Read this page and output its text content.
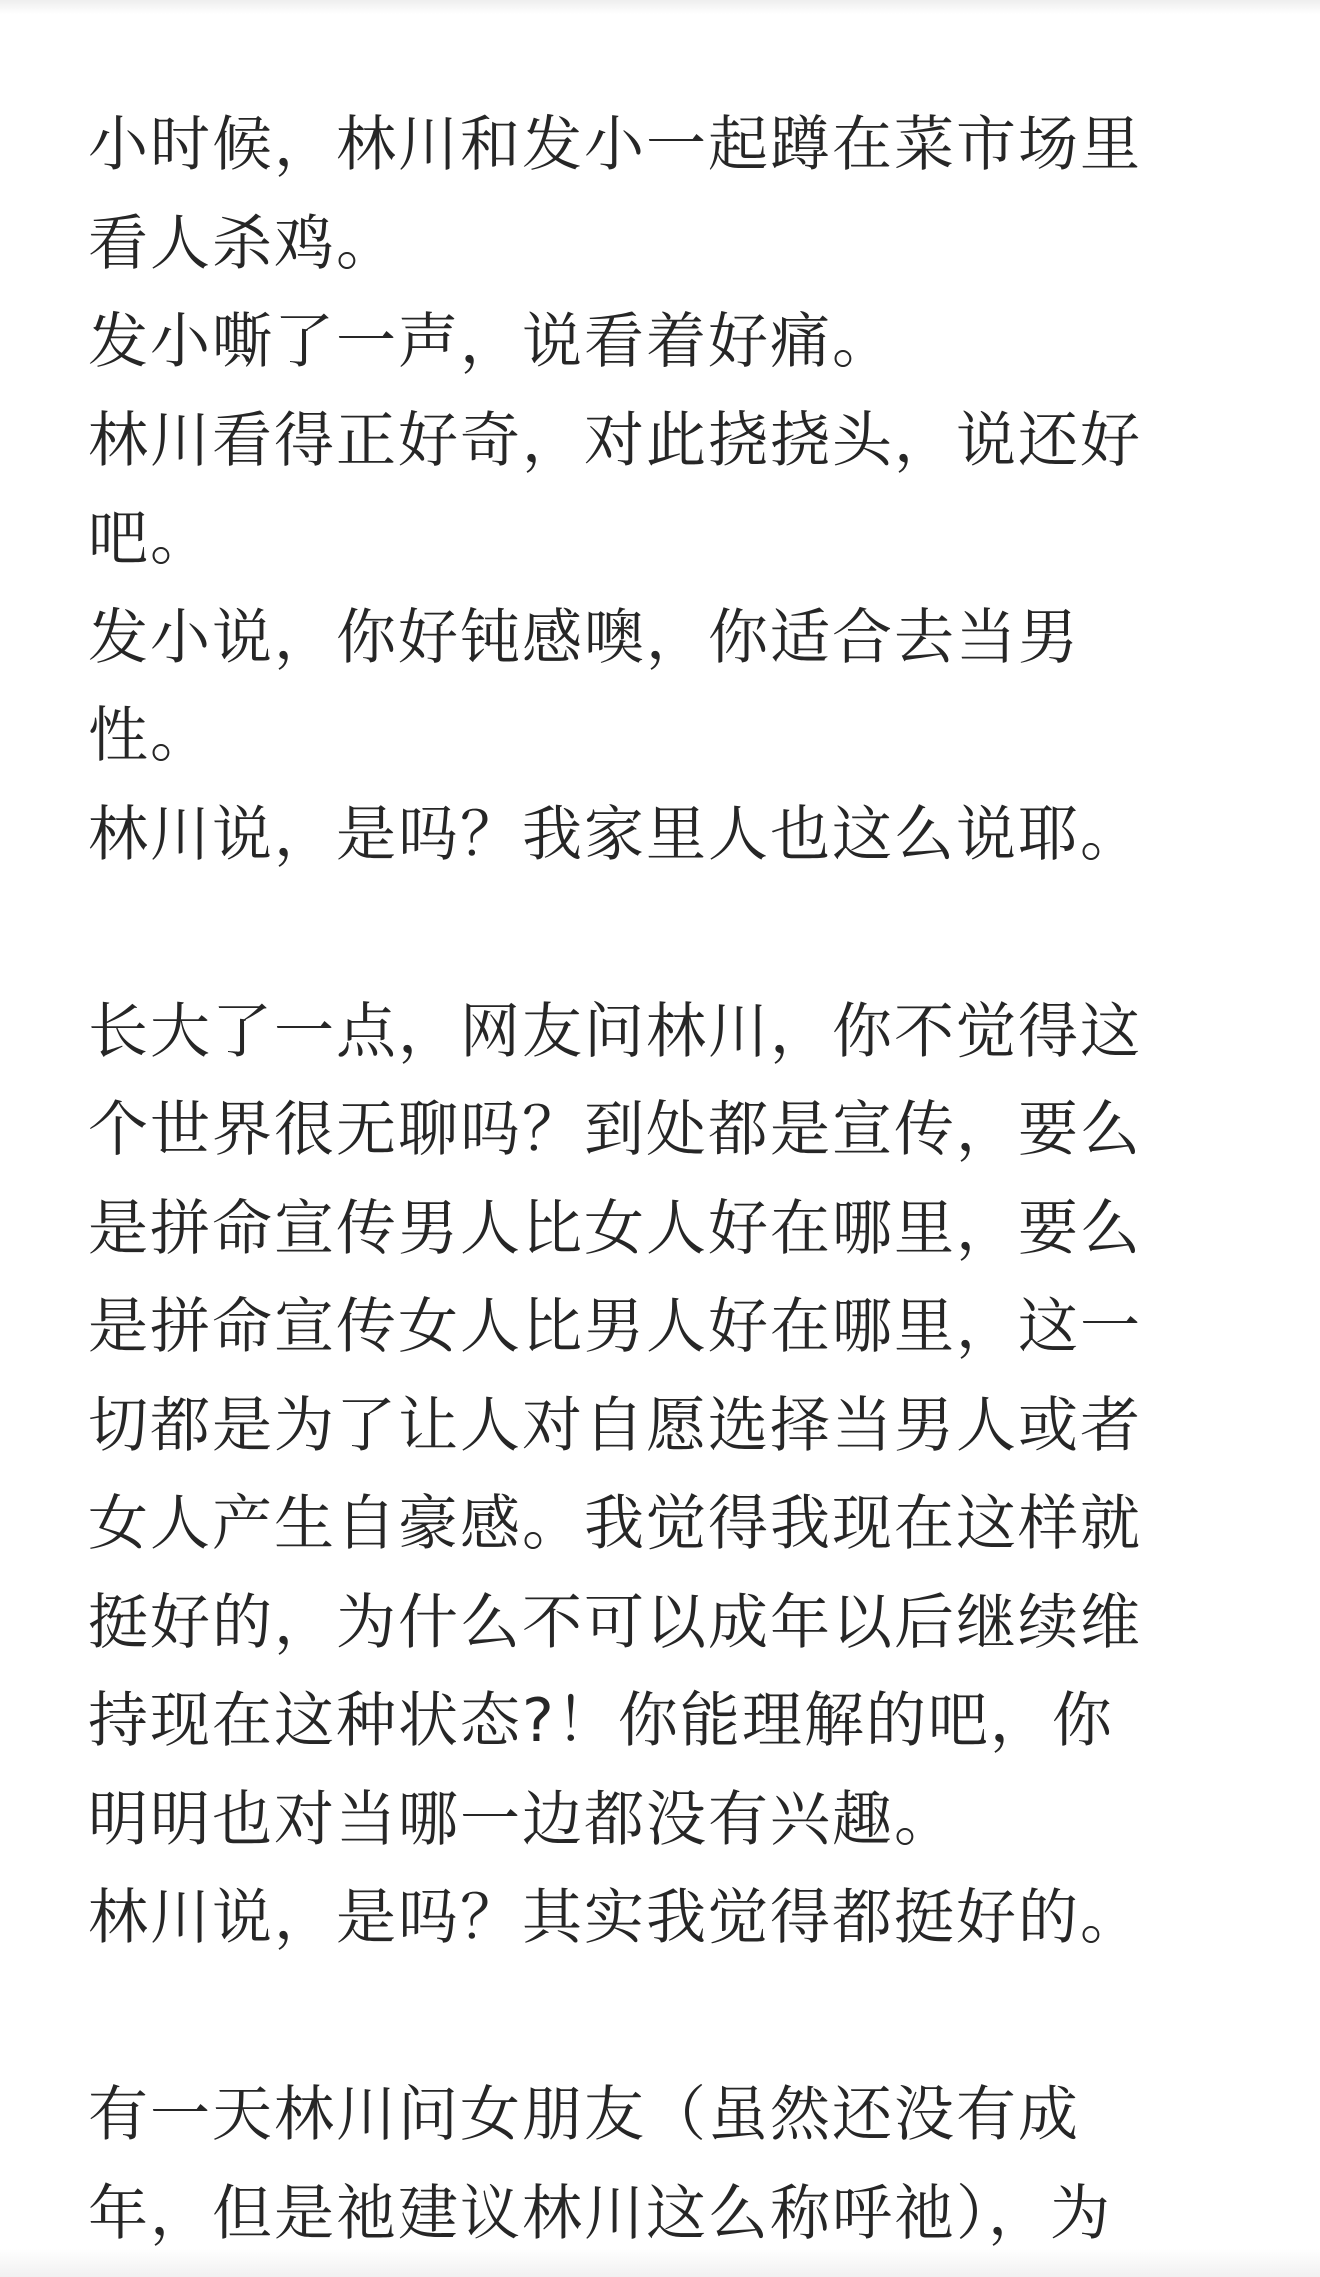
小时候，林川和发小一起蹲在菜市场里
看人杀鸡。
发小嘶了一声，说看着好痛。
林川看得正好奇，对此挠挠头，说还好
吧。
发小说，你好钝感噢，你适合去当男
性。
林川说，是吗？我家里人也这么说耶。
长大了一点，网友问林川，你不觉得这
个世界很无聊吗？到处都是宣传，要么
是拼命宣传男人比女人好在哪里，要么
是拼命宣传女人比男人好在哪里，这一
切都是为了让人对自愿选择当男人或者
女人产生自豪感。我觉得我现在这样就
挺好的，为什么不可以成年以后继续维
持现在这种状态?！你能理解的吧，你
明明也对当哪一边都没有兴趣。
林川说，是吗？其实我觉得都挺好的。
有一天林川问女朋友（虽然还没有成
年，但是祂建议林川这么称呼祂），为
